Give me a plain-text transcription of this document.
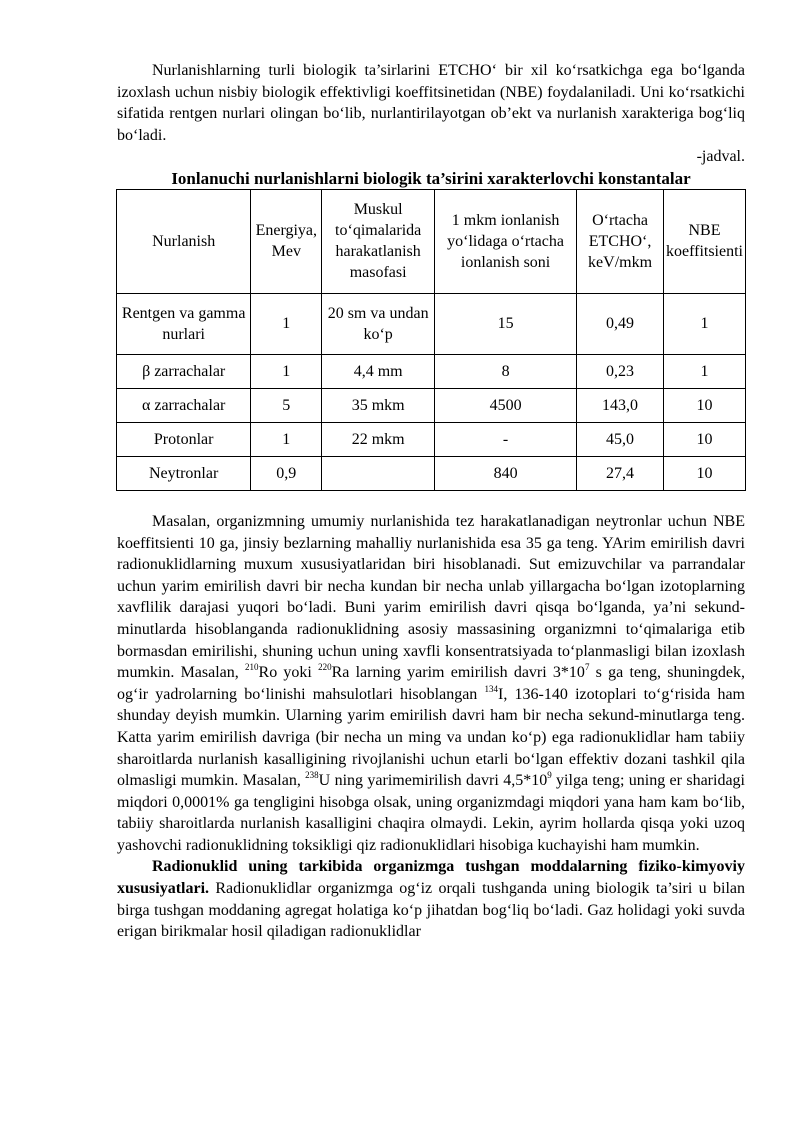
Nurlanishlarning turli biologik ta’sirlarini ETCHO‘ bir xil ko‘rsatkichga ega bo‘lganda izoxlash uchun nisbiy biologik effektivligi koeffitsinetidan (NBE) foydalaniladi. Uni ko‘rsatkichi sifatida rentgen nurlari olingan bo‘lib, nurlantirilayotgan ob’ekt va nurlanish xarakteriga bog‘liq bo‘ladi.

-jadval.

Ionlanuchi nurlanishlarni biologik ta’sirini xarakterlovchi konstantalar

Nurlanish	Energiya, Mev	Muskul to‘qimalarida harakatlanish masofasi	1 mkm ionlanish yo‘lidaga o‘rtacha ionlanish soni	O‘rtacha ETCHO‘, keV/mkm	NBE koeffitsienti
Rentgen va gamma nurlari	1	20 sm va undan ko‘p	15	0,49	1
β zarrachalar	1	4,4 mm	8	0,23	1
α zarrachalar	5	35 mkm	4500	143,0	10
Protonlar	1	22 mkm	-	45,0	10
Neytronlar	0,9		840	27,4	10

Masalan, organizmning umumiy nurlanishida tez harakatlanadigan neytronlar uchun NBE koeffitsienti 10 ga, jinsiy bezlarning mahalliy nurlanishida esa 35 ga teng. YArim emirilish davri radionuklidlarning muxum xususiyatlaridan biri hisoblanadi. Sut emizuvchilar va parrandalar uchun yarim emirilish davri bir necha kundan bir necha unlab yillargacha bo‘lgan izotoplarning xavflilik darajasi yuqori bo‘ladi. Buni yarim emirilish davri qisqa bo‘lganda, ya’ni sekund-minutlarda hisoblanganda radionuklidning asosiy massasining organizmni to‘qimalariga etib bormasdan emirilishi, shuning uchun uning xavfli konsentratsiyada to‘planmasligi bilan izoxlash mumkin. Masalan, $^{210}$Ro yoki $^{220}$Ra larning yarim emirilish davri $3*10^7$ s ga teng, shuningdek, og‘ir yadrolarning bo‘linishi mahsulotlari hisoblangan $^{134}$I, 136-140 izotoplari to‘g‘risida ham shunday deyish mumkin. Ularning yarim emirilish davri ham bir necha sekund-minutlarga teng. Katta yarim emirilish davriga (bir necha un ming va undan ko‘p) ega radionuklidlar ham tabiiy sharoitlarda nurlanish kasalligining rivojlanishi uchun etarli bo‘lgan effektiv dozani tashkil qila olmasligi mumkin. Masalan, $^{238}$U ning yarimemirilish davri $4,5*10^9$ yilga teng; uning er sharidagi miqdori 0,0001% ga tengligini hisobga olsak, uning organizmdagi miqdori yana ham kam bo‘lib, tabiiy sharoitlarda nurlanish kasalligini chaqira olmaydi. Lekin, ayrim hollarda qisqa yoki uzoq yashovchi radionuklidning toksikligi qiz radionuklidlari hisobiga kuchayishi ham mumkin.

Radionuklid uning tarkibida organizmga tushgan moddalarning fiziko-kimyoviy xususiyatlari. Radionuklidlar organizmga og‘iz orqali tushganda uning biologik ta’siri u bilan birga tushgan moddaning agregat holatiga ko‘p jihatdan bog‘liq bo‘ladi. Gaz holidagi yoki suvda erigan birikmalar hosil qiladigan radionuklidlar
